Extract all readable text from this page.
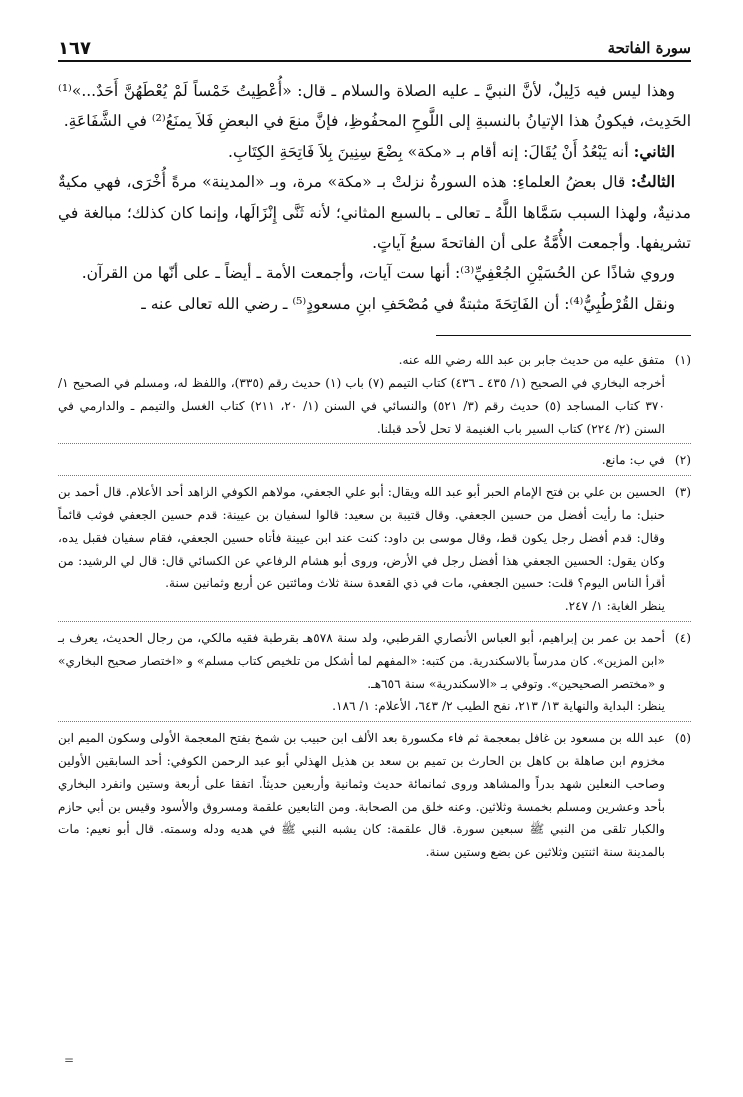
سورة الفاتحة
١٦٧

وهذا ليس فيه دَلِيلٌ، لأنَّ النبيَّ ـ عليه الصلاة والسلام ـ قال: «أُعْطِيتُ خَمْساً لَمْ يُعْطَهُنَّ أَحَدٌ...»⁽¹⁾ الحَدِيث، فيكونُ هذا الإتيانُ بالنسبةِ إلى اللَّوحِ المحفُوظِ، فإنَّ منعَ في البعضِ فَلاَ يمنَعُ⁽²⁾ في الشَّفَاعَةِ.

الثاني: أنه يَبْعُدُ أَنْ يُقَالَ: إنه أقام بـ «مكة» بِضْعَ سِنِينَ بِلاَ فَاتِحَةِ الكِتَابِ.

الثالثُ: قال بعضُ العلماءِ: هذه السورةُ نزلتْ بـ «مكة» مرة، وبـ «المدينة» مرةً أُخْرَى، فهي مكيةٌ مدنيةٌ، ولهذا السبب سَمَّاها اللَّهُ ـ تعالى ـ بالسبع المثاني؛ لأنه ثَنَّى إِنْزَالَها، وإنما كان كذلك؛ مبالغة في تشريفها. وأجمعت الأُمَّةُ على أن الفاتحةَ سبعُ آياتٍ.

وروي شاذًا عن الحُسَيْنِ الجُعْفِيِّ⁽³⁾: أنها ست آيات، وأجمعت الأمة ـ أيضاً ـ على أنّها من القرآن.

ونقل القُرْطُبِيُّ⁽⁴⁾: أن الفَاتِحَةَ مثبتةٌ في مُصْحَفِ ابنِ مسعودٍ⁽⁵⁾ ـ رضي الله تعالى عنه ـ

(١)

متفق عليه من حديث جابر بن عبد الله رضي الله عنه.

أخرجه البخاري في الصحيح (١/ ٤٣٥ ـ ٤٣٦) كتاب التيمم (٧) باب (١) حديث رقم (٣٣٥)، واللفظ له، ومسلم في الصحيح ١/ ٣٧٠ كتاب المساجد (٥) حديث رقم (٣/ ٥٢١) والنسائي في السنن (١/ ٢٠، ٢١١) كتاب الغسل والتيمم ـ والدارمي في السنن (٢/ ٢٢٤) كتاب السير باب الغنيمة لا تحل لأحد قبلنا.

(٢)

في ب: مانع.

(٣)

الحسين بن علي بن فتح الإمام الحبر أبو عبد الله ويقال: أبو علي الجعفي، مولاهم الكوفي الزاهد أحد الأعلام. قال أحمد بن حنبل: ما رأيت أفضل من حسين الجعفي. وقال قتيبة بن سعيد: قالوا لسفيان بن عيينة: قدم حسين الجعفي فوثب قائماً وقال: قدم أفضل رجل يكون قط، وقال موسى بن داود: كنت عند ابن عيينة فأتاه حسين الجعفي، فقام سفيان فقبل يده، وكان يقول: الحسين الجعفي هذا أفضل رجل في الأرض، وروى أبو هشام الرفاعي عن الكسائي قال: قال لي الرشيد: من أقرأ الناس اليوم؟ قلت: حسين الجعفي، مات في ذي القعدة سنة ثلاث ومائتين عن أربع وثمانين سنة.

ينظر الغاية: ١/ ٢٤٧.

(٤)

أحمد بن عمر بن إبراهيم، أبو العباس الأنصاري القرطبي، ولد سنة ٥٧٨هـ بقرطبة فقيه مالكي، من رجال الحديث، يعرف بـ «ابن المزين». كان مدرساً بالاسكندرية. من كتبه: «المفهم لما أشكل من تلخيص كتاب مسلم» و «اختصار صحيح البخاري» و «مختصر الصحيحين». وتوفي بـ «الاسكندرية» سنة ٦٥٦هـ.

ينظر: البداية والنهاية ١٣/ ٢١٣، نفح الطيب ٢/ ٦٤٣، الأعلام: ١/ ١٨٦.

(٥)

عبد الله بن مسعود بن غافل بمعجمة ثم فاء مكسورة بعد الألف ابن حبيب بن شمخ بفتح المعجمة الأولى وسكون الميم ابن مخزوم ابن صاهلة بن كاهل بن الحارث بن تميم بن سعد بن هذيل الهذلي أبو عبد الرحمن الكوفي: أحد السابقين الأولين وصاحب النعلين شهد بدراً والمشاهد وروى ثمانمائة حديث وثمانية وأربعين حديثاً. اتفقا على أربعة وستين وانفرد البخاري بأحد وعشرين ومسلم بخمسة وثلاثين. وعنه خلق من الصحابة. ومن التابعين علقمة ومسروق والأسود وقيس بن أبي حازم والكبار تلقى من النبي ﷺ سبعين سورة. قال علقمة: كان يشبه النبي ﷺ في هديه ودله وسمته. قال أبو نعيم: مات بالمدينة سنة اثنتين وثلاثين عن بضع وستين سنة.

=
